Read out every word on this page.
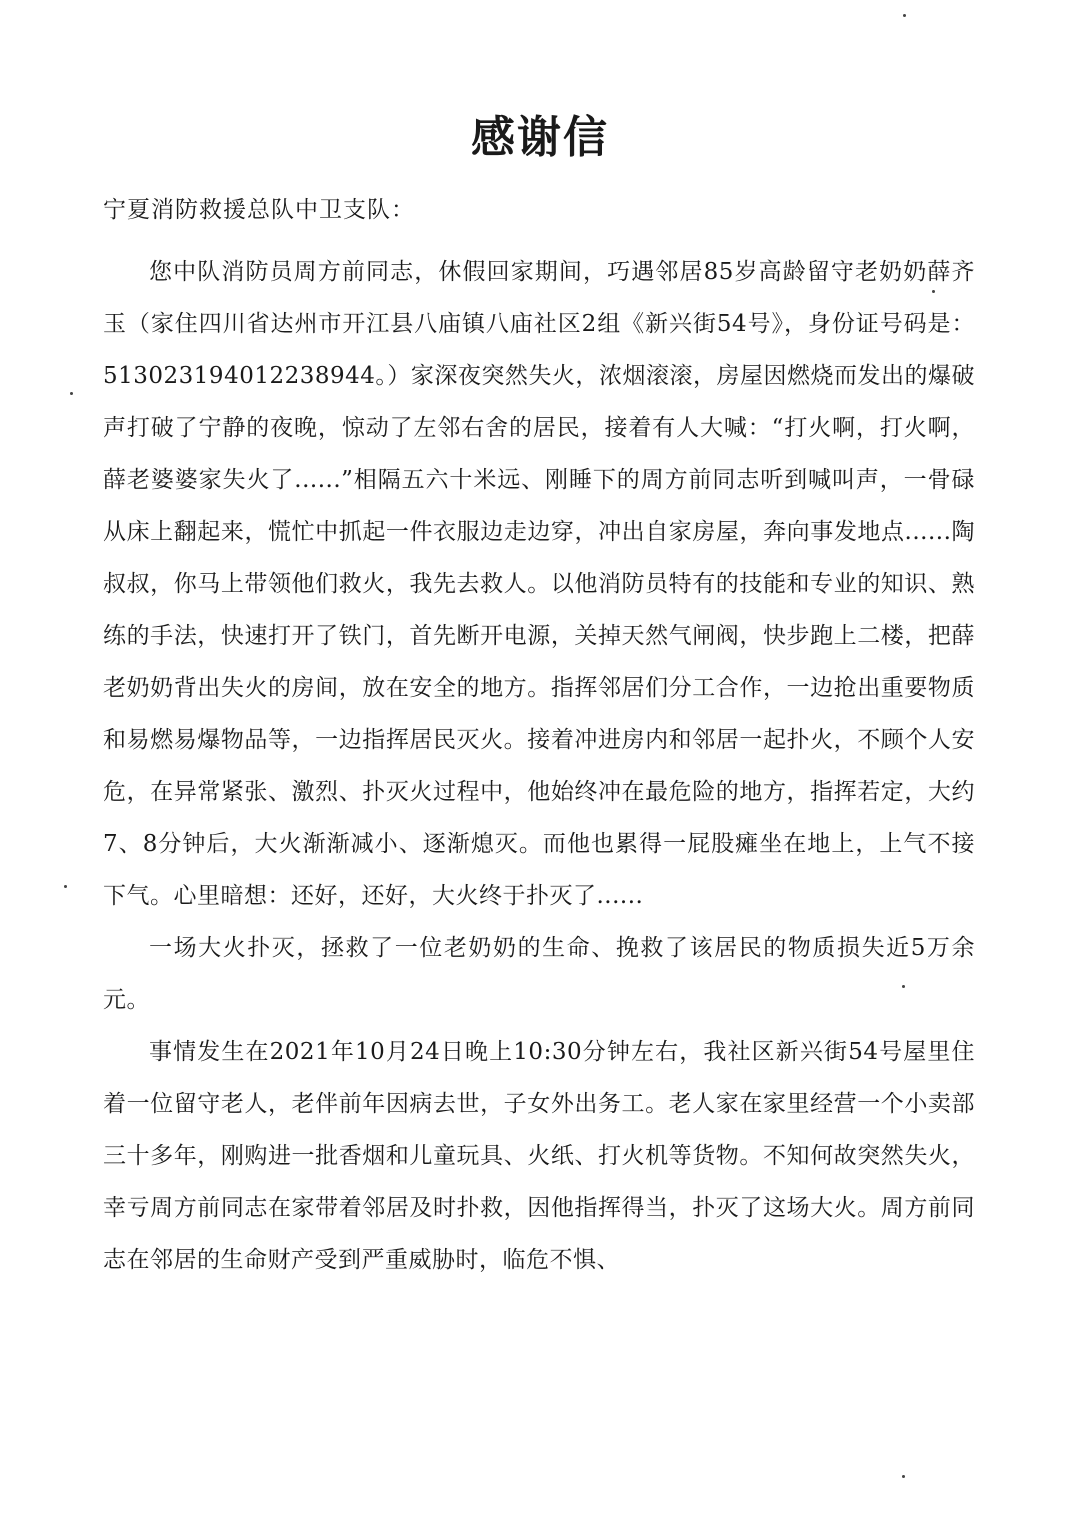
感谢信
宁夏消防救援总队中卫支队：

您中队消防员周方前同志，休假回家期间，巧遇邻居85岁高龄留守老奶奶薛齐玉（家住四川省达州市开江县八庙镇八庙社区2组《新兴街54号》，身份证号码是：513023194012238944。）家深夜突然失火，浓烟滚滚，房屋因燃烧而发出的爆破声打破了宁静的夜晚，惊动了左邻右舍的居民，接着有人大喊：“打火啊，打火啊，薛老婆婆家失火了......”相隔五六十米远、刚睡下的周方前同志听到喊叫声，一骨碌从床上翻起来，慌忙中抓起一件衣服边走边穿，冲出自家房屋，奔向事发地点......陶叔叔，你马上带领他们救火，我先去救人。以他消防员特有的技能和专业的知识、熟练的手法，快速打开了铁门，首先断开电源，关掉天然气闸阀，快步跑上二楼，把薛老奶奶背出失火的房间，放在安全的地方。指挥邻居们分工合作，一边抢出重要物质和易燃易爆物品等，一边指挥居民灭火。接着冲进房内和邻居一起扑火，不顾个人安危，在异常紧张、激烈、扑灭火过程中，他始终冲在最危险的地方，指挥若定，大约7、8分钟后，大火渐渐减小、逐渐熄灭。而他也累得一屁股瘫坐在地上，上气不接下气。心里暗想：还好，还好，大火终于扑灭了......

一场大火扑灭，拯救了一位老奶奶的生命、挽救了该居民的物质损失近5万余元。

事情发生在2021年10月24日晚上10:30分钟左右，我社区新兴街54号屋里住着一位留守老人，老伴前年因病去世，子女外出务工。老人家在家里经营一个小卖部三十多年，刚购进一批香烟和儿童玩具、火纸、打火机等货物。不知何故突然失火，幸亏周方前同志在家带着邻居及时扑救，因他指挥得当，扑灭了这场大火。周方前同志在邻居的生命财产受到严重威胁时，临危不惧、
